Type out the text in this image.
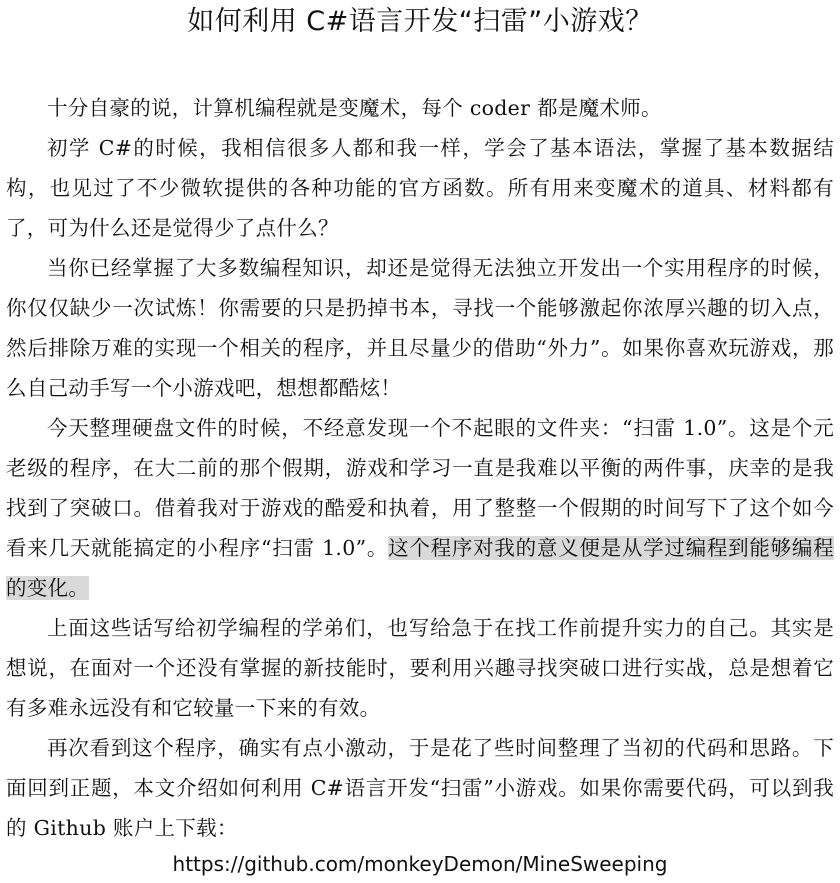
如何利用 C#语言开发“扫雷”小游戏？

十分自豪的说，计算机编程就是变魔术，每个 coder 都是魔术师。

初学 C#的时候，我相信很多人都和我一样，学会了基本语法，掌握了基本数据结构，也见过了不少微软提供的各种功能的官方函数。所有用来变魔术的道具、材料都有了，可为什么还是觉得少了点什么？

当你已经掌握了大多数编程知识，却还是觉得无法独立开发出一个实用程序的时候，你仅仅缺少一次试炼！你需要的只是扔掉书本，寻找一个能够激起你浓厚兴趣的切入点，然后排除万难的实现一个相关的程序，并且尽量少的借助“外力”。如果你喜欢玩游戏，那么自己动手写一个小游戏吧，想想都酷炫！

今天整理硬盘文件的时候，不经意发现一个不起眼的文件夹：“扫雷 1.0”。这是个元老级的程序，在大二前的那个假期，游戏和学习一直是我难以平衡的两件事，庆幸的是我找到了突破口。借着我对于游戏的酷爱和执着，用了整整一个假期的时间写下了这个如今看来几天就能搞定的小程序“扫雷 1.0”。这个程序对我的意义便是从学过编程到能够编程的变化。

上面这些话写给初学编程的学弟们，也写给急于在找工作前提升实力的自己。其实是想说，在面对一个还没有掌握的新技能时，要利用兴趣寻找突破口进行实战，总是想着它有多难永远没有和它较量一下来的有效。

再次看到这个程序，确实有点小激动，于是花了些时间整理了当初的代码和思路。下面回到正题，本文介绍如何利用 C#语言开发“扫雷”小游戏。如果你需要代码，可以到我的 Github 账户上下载：

https://github.com/monkeyDemon/MineSweeping
